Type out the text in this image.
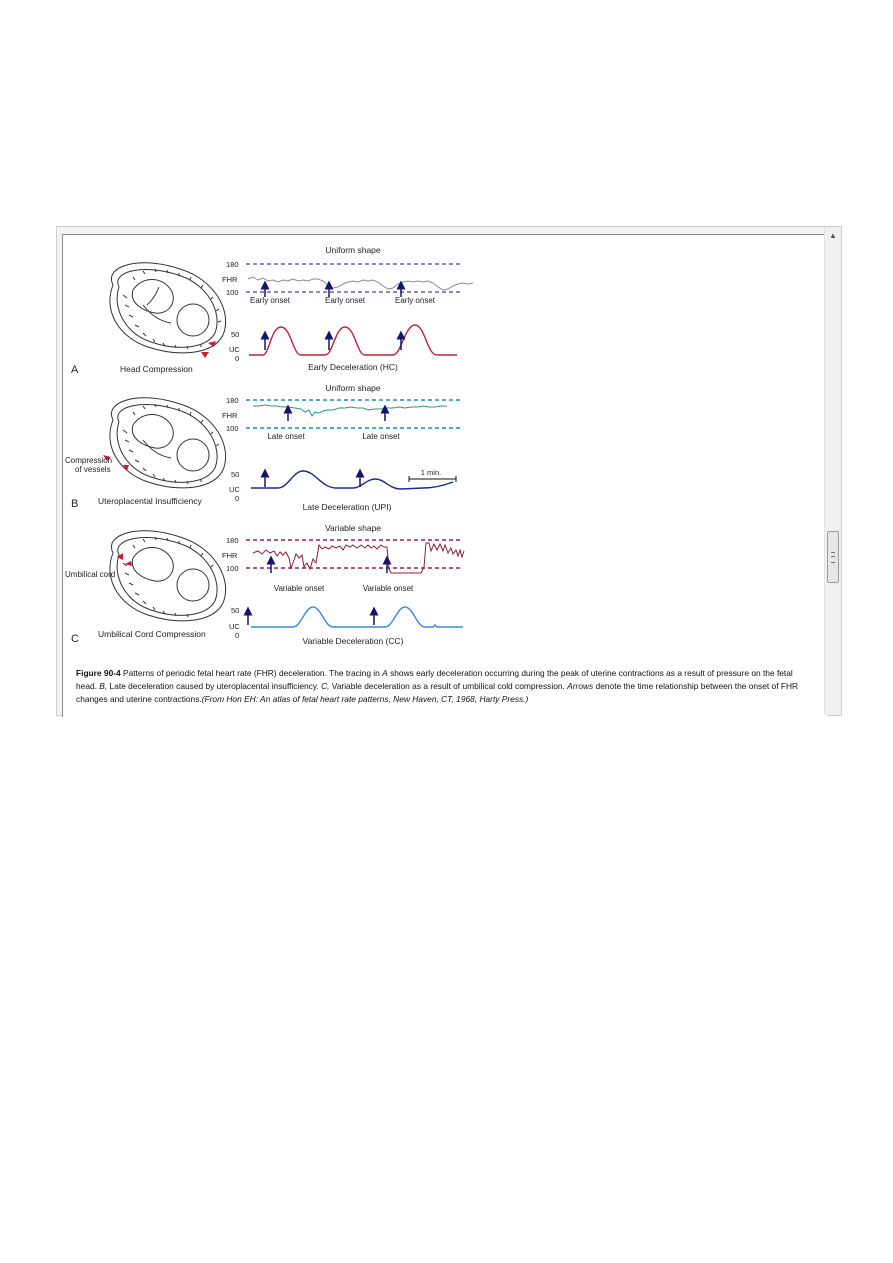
A	Head Compression
Uniform shape
180
FHR
100
Early onset	Early onset	Early onset
50
UC
0
Early Deceleration (HC)
Compression
of vessels
B Uteroplacental Insufficiency
Uniform shape
180
FHR
100
Late onset	Late onset
50
UC
0
1 min.
Late Deceleration (UPI)
Umbilical cord
C Umbilical Cord Compression
Variable shape
180
FHR
100
Variable onset	Variable onset
50
UC
0
Variable Deceleration (CC)
Figure 90-4 Patterns of periodic fetal heart rate (FHR) deceleration. The tracing in A shows early deceleration occurring during the peak of uterine contractions as a result of pressure on the fetal head. B, Late deceleration caused by uteroplacental insufficiency. C, Variable deceleration as a result of umbilical cold compression. Arrows denote the time relationship between the onset of FHR changes and uterine contractions.(From Hon EH: An atlas of fetal heart rate patterns, New Haven, CT, 1968, Harty Press.)
▲
